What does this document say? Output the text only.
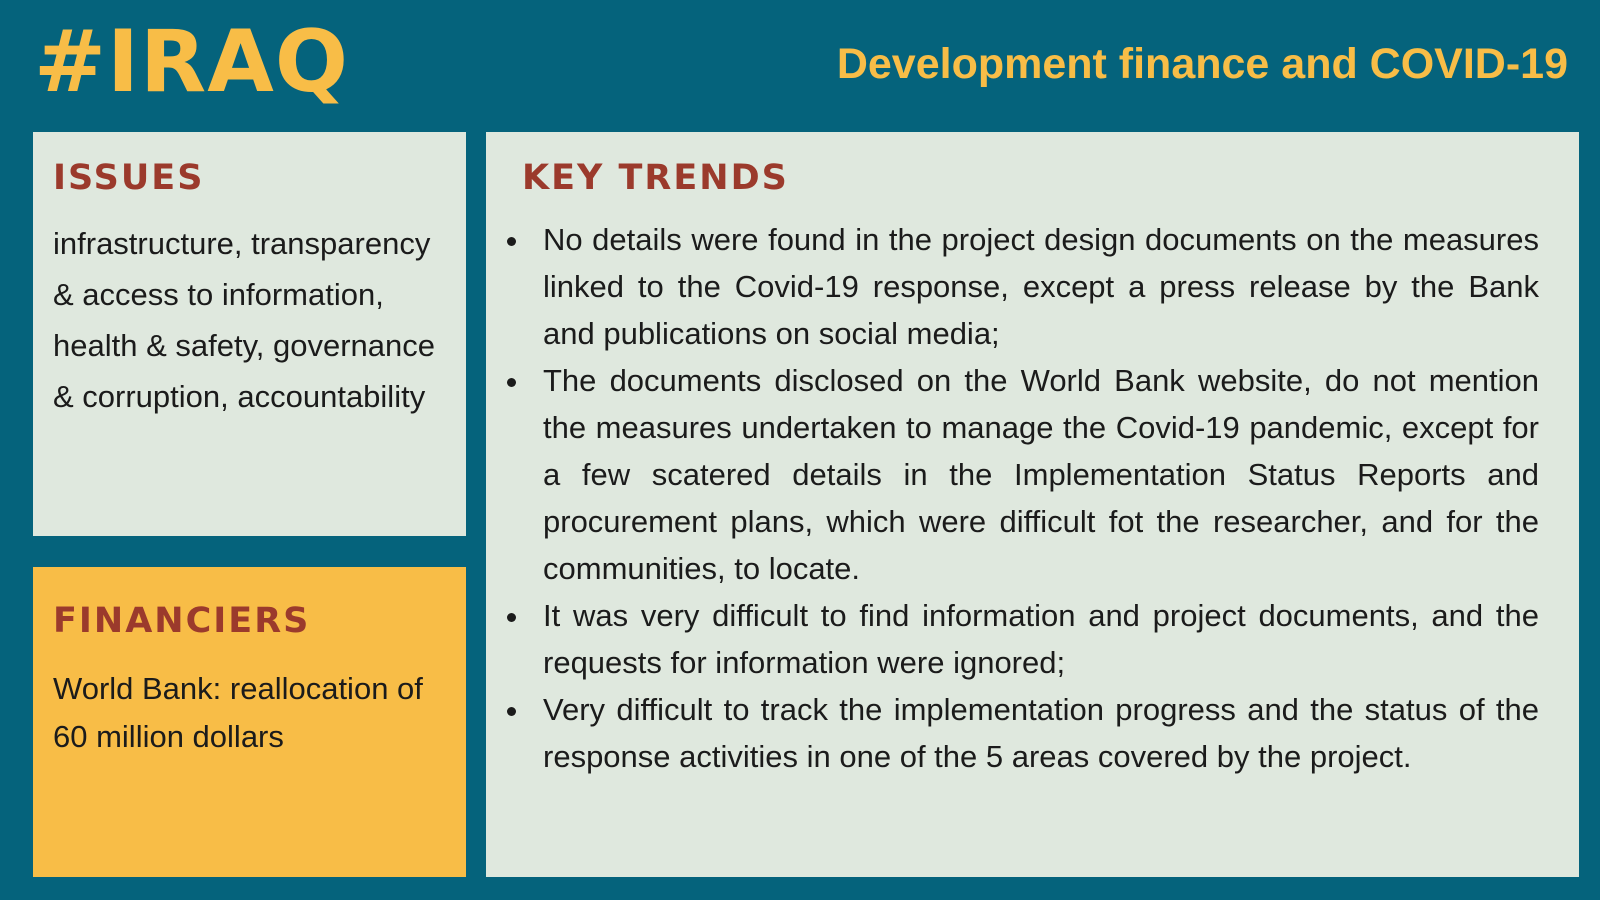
#IRAQ	Development finance and COVID-19
ISSUES

infrastructure, transparency & access to information, health & safety, governance & corruption, accountability

FINANCIERS

World Bank: reallocation of 60 million dollars

KEY TRENDS
No details were found in the project design documents on the measures linked to the Covid-19 response, except a press release by the Bank and publications on social media;
The documents disclosed on the World Bank website, do not mention the measures undertaken to manage the Covid-19 pandemic, except for a few scatered details in the Implementation Status Reports and procurement plans, which were difficult fot the researcher, and for the communities, to locate.
It was very difficult to find information and project documents, and the requests for information were ignored;
Very difficult to track the implementation progress and the status of the response activities in one of the 5 areas covered by the project.
